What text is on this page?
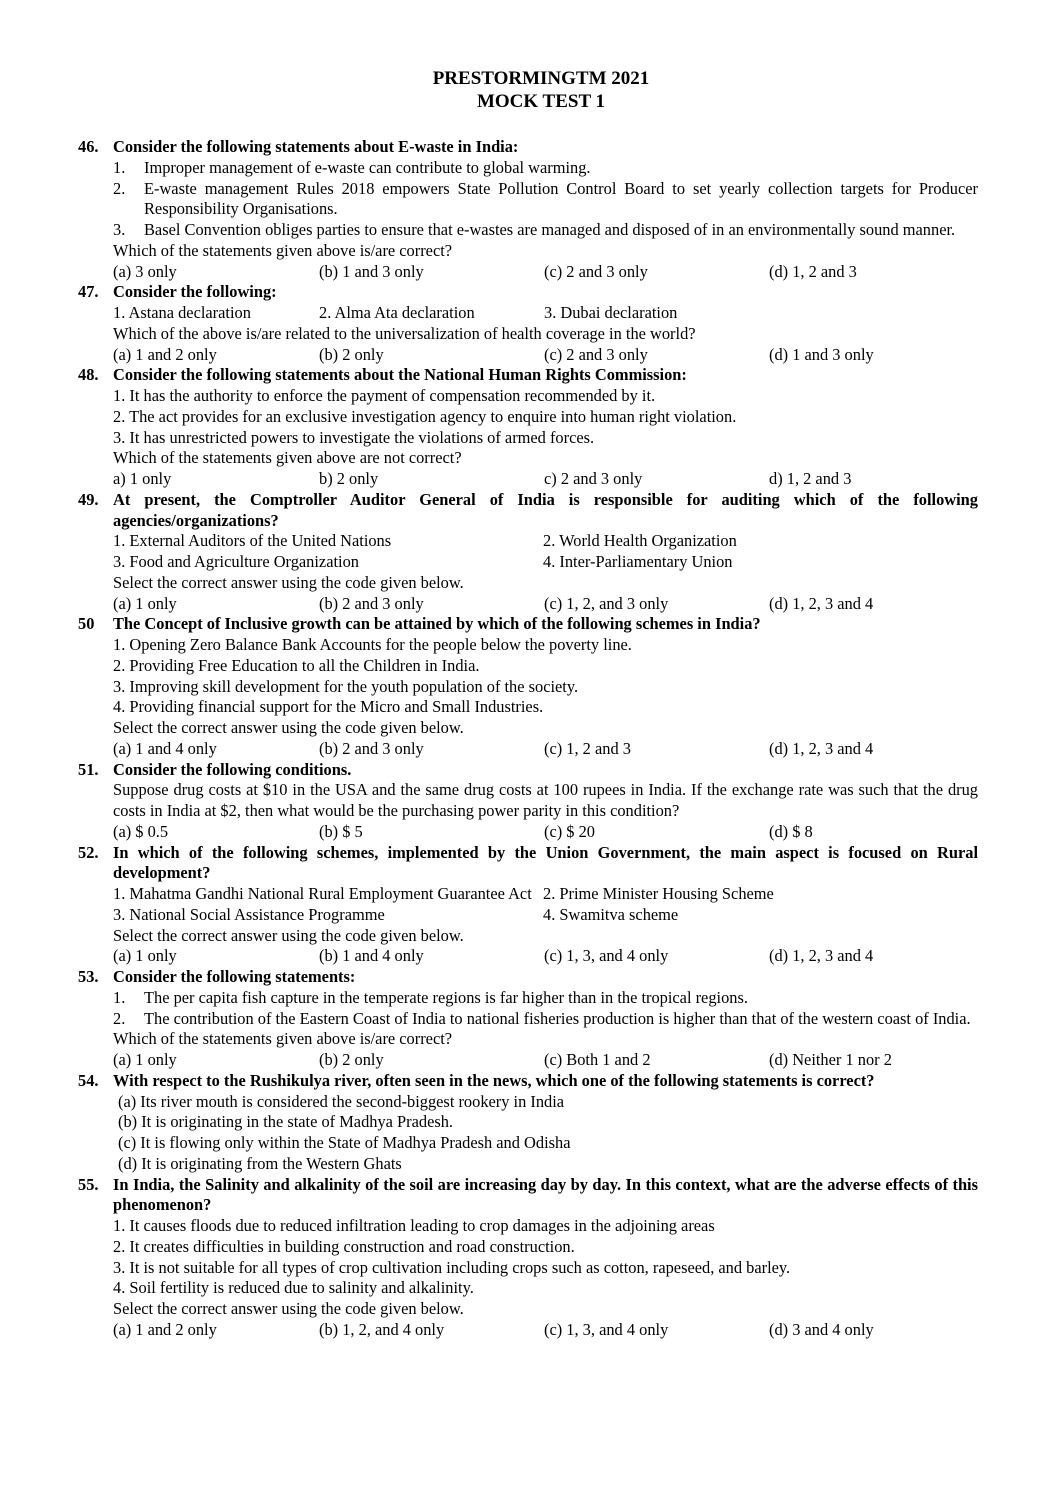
PRESTORMINGTM 2021
MOCK TEST 1
46. Consider the following statements about E-waste in India:
1.	Improper management of e-waste can contribute to global warming.
2.	E-waste management Rules 2018 empowers State Pollution Control Board to set yearly collection targets for Producer Responsibility Organisations.
3.	Basel Convention obliges parties to ensure that e-wastes are managed and disposed of in an environmentally sound manner.
Which of the statements given above is/are correct?
(a) 3 only	(b) 1 and 3 only	(c) 2 and 3 only	(d) 1, 2 and 3
47. Consider the following:
1. Astana declaration	2. Alma Ata declaration	3. Dubai declaration
Which of the above is/are related to the universalization of health coverage in the world?
(a) 1 and 2 only	(b) 2 only	(c) 2 and 3 only	(d) 1 and 3 only
48. Consider the following statements about the National Human Rights Commission:
1. It has the authority to enforce the payment of compensation recommended by it.
2. The act provides for an exclusive investigation agency to enquire into human right violation.
3. It has unrestricted powers to investigate the violations of armed forces.
Which of the statements given above are not correct?
a) 1 only	b) 2 only	c) 2 and 3 only	d) 1, 2 and 3
49. At present, the Comptroller Auditor General of India is responsible for auditing which of the following agencies/organizations?
1. External Auditors of the United Nations	2. World Health Organization
3. Food and Agriculture Organization	4. Inter-Parliamentary Union
Select the correct answer using the code given below.
(a) 1 only	(b) 2 and 3 only	(c) 1, 2, and 3 only	(d) 1, 2, 3 and 4
50	The Concept of Inclusive growth can be attained by which of the following schemes in India?
1. Opening Zero Balance Bank Accounts for the people below the poverty line.
2. Providing Free Education to all the Children in India.
3. Improving skill development for the youth population of the society.
4. Providing financial support for the Micro and Small Industries.
Select the correct answer using the code given below.
(a) 1 and 4 only	(b) 2 and 3 only	(c) 1, 2 and 3	(d) 1, 2, 3 and 4
51. Consider the following conditions.
Suppose drug costs at $10 in the USA and the same drug costs at 100 rupees in India. If the exchange rate was such that the drug costs in India at $2, then what would be the purchasing power parity in this condition?
(a) $ 0.5	(b) $ 5	(c) $ 20	(d) $ 8
52. In which of the following schemes, implemented by the Union Government, the main aspect is focused on Rural development?
1. Mahatma Gandhi National Rural Employment Guarantee Act 2. Prime Minister Housing Scheme
3. National Social Assistance Programme	4. Swamitva scheme
Select the correct answer using the code given below.
(a) 1 only	(b) 1 and 4 only	(c) 1, 3, and 4 only	(d) 1, 2, 3 and 4
53. Consider the following statements:
1.	The per capita fish capture in the temperate regions is far higher than in the tropical regions.
2.	The contribution of the Eastern Coast of India to national fisheries production is higher than that of the western coast of India.
Which of the statements given above is/are correct?
(a) 1 only	(b) 2 only	(c) Both 1 and 2	(d) Neither 1 nor 2
54. With respect to the Rushikulya river, often seen in the news, which one of the following statements is correct?
(a) Its river mouth is considered the second-biggest rookery in India
(b) It is originating in the state of Madhya Pradesh.
(c) It is flowing only within the State of Madhya Pradesh and Odisha
(d) It is originating from the Western Ghats
55. In India, the Salinity and alkalinity of the soil are increasing day by day. In this context, what are the adverse effects of this phenomenon?
1. It causes floods due to reduced infiltration leading to crop damages in the adjoining areas
2. It creates difficulties in building construction and road construction.
3. It is not suitable for all types of crop cultivation including crops such as cotton, rapeseed, and barley.
4. Soil fertility is reduced due to salinity and alkalinity.
Select the correct answer using the code given below.
(a) 1 and 2 only	(b) 1, 2, and 4 only	(c) 1, 3, and 4 only	(d) 3 and 4 only
